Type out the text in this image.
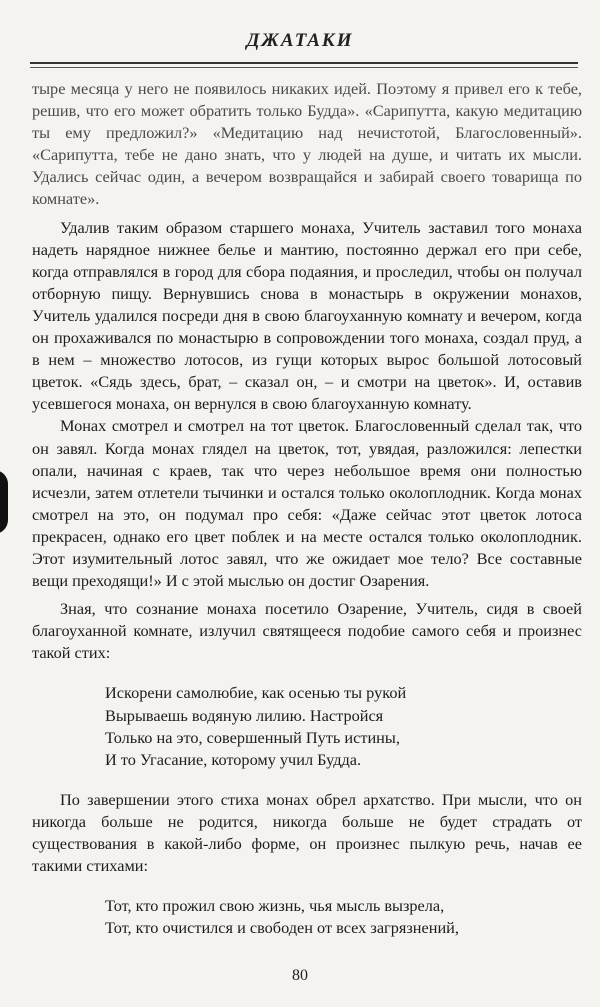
ДЖАТАКИ

тыре месяца у него не появилось никаких идей. Поэтому я привел его к тебе, решив, что его может обратить только Будда». «Сарипутта, какую медитацию ты ему предложил?» «Медитацию над нечистотой, Благословенный». «Сарипутта, тебе не дано знать, что у людей на душе, и читать их мысли. Удались сейчас один, а вечером возвращайся и забирай своего товарища по комнате».

Удалив таким образом старшего монаха, Учитель заставил того монаха надеть нарядное нижнее белье и мантию, постоянно держал его при себе, когда отправлялся в город для сбора подаяния, и проследил, чтобы он получал отборную пищу. Вернувшись снова в монастырь в окружении монахов, Учитель удалился посреди дня в свою благоуханную комнату и вечером, когда он прохаживался по монастырю в сопровождении того монаха, создал пруд, а в нем – множество лотосов, из гущи которых вырос большой лотосовый цветок. «Сядь здесь, брат, – сказал он, – и смотри на цветок». И, оставив усевшегося монаха, он вернулся в свою благоуханную комнату.

Монах смотрел и смотрел на тот цветок. Благословенный сделал так, что он завял. Когда монах глядел на цветок, тот, увядая, разложился: лепестки опали, начиная с краев, так что через небольшое время они полностью исчезли, затем отлетели тычинки и остался только околоплодник. Когда монах смотрел на это, он подумал про себя: «Даже сейчас этот цветок лотоса прекрасен, однако его цвет поблек и на месте остался только околоплодник. Этот изумительный лотос завял, что же ожидает мое тело? Все составные вещи преходящи!» И с этой мыслью он достиг Озарения.

Зная, что сознание монаха посетило Озарение, Учитель, сидя в своей благоуханной комнате, излучил святящееся подобие самого себя и произнес такой стих:

Искорени самолюбие, как осенью ты рукой
Вырываешь водяную лилию. Настройся
Только на это, совершенный Путь истины,
И то Угасание, которому учил Будда.

По завершении этого стиха монах обрел архатство. При мысли, что он никогда больше не родится, никогда больше не будет страдать от существования в какой-либо форме, он произнес пылкую речь, начав ее такими стихами:

Тот, кто прожил свою жизнь, чья мысль вызрела,
Тот, кто очистился и свободен от всех загрязнений,
80
